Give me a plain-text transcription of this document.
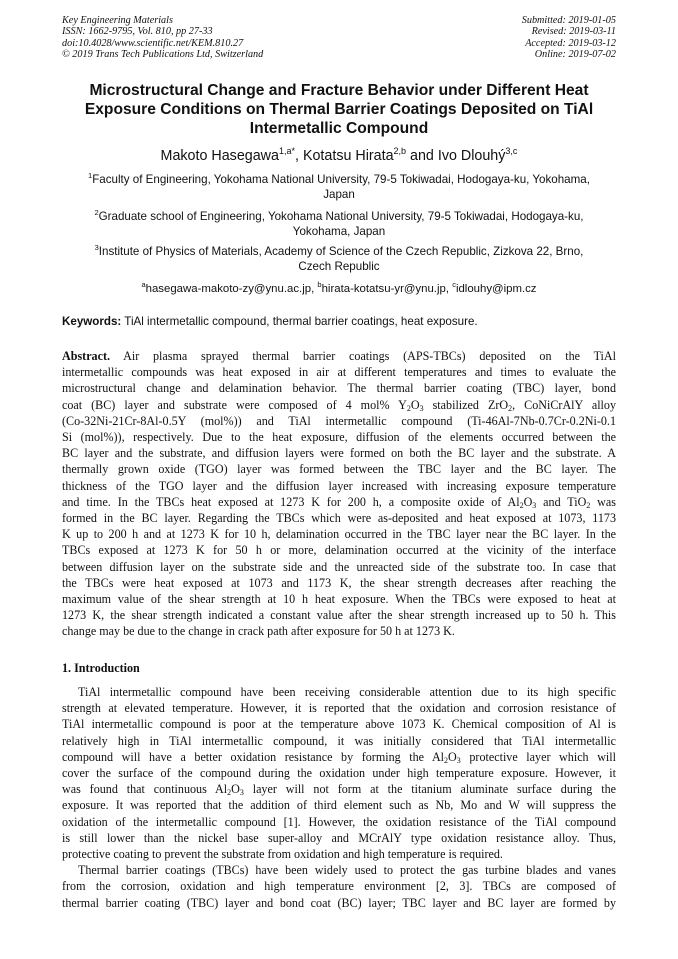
Key Engineering Materials
ISSN: 1662-9795, Vol. 810, pp 27-33
doi:10.4028/www.scientific.net/KEM.810.27
© 2019 Trans Tech Publications Ltd, Switzerland
Submitted: 2019-01-05
Revised: 2019-03-11
Accepted: 2019-03-12
Online: 2019-07-02
Microstructural Change and Fracture Behavior under Different Heat
Exposure Conditions on Thermal Barrier Coatings Deposited on TiAl
Intermetallic Compound
Makoto Hasegawa$^{1,a*}$, Kotatsu Hirata$^{2,b}$ and Ivo Dlouhý$^{3,c}$
$^1$Faculty of Engineering, Yokohama National University, 79-5 Tokiwadai, Hodogaya-ku, Yokohama,
Japan
$^2$Graduate school of Engineering, Yokohama National University, 79-5 Tokiwadai, Hodogaya-ku,
Yokohama, Japan
$^3$Institute of Physics of Materials, Academy of Science of the Czech Republic, Zizkova 22, Brno,
Czech Republic
$^a$hasegawa-makoto-zy@ynu.ac.jp, $^b$hirata-kotatsu-yr@ynu.jp, $^c$idlouhy@ipm.cz
Keywords: TiAl intermetallic compound, thermal barrier coatings, heat exposure.
Abstract. Air plasma sprayed thermal barrier coatings (APS-TBCs) deposited on the TiAl
intermetallic compounds was heat exposed in air at different temperatures and times to evaluate the
microstructural change and delamination behavior. The thermal barrier coating (TBC) layer, bond
coat (BC) layer and substrate were composed of 4 mol% $Y_2O_3$ stabilized ZrO$_2$, CoNiCrAlY alloy
(Co-32Ni-21Cr-8Al-0.5Y (mol%)) and TiAl intermetallic compound (Ti-46Al-7Nb-0.7Cr-0.2Ni-0.1
Si (mol%)), respectively. Due to the heat exposure, diffusion of the elements occurred between the
BC layer and the substrate, and diffusion layers were formed on both the BC layer and the substrate. A
thermally grown oxide (TGO) layer was formed between the TBC layer and the BC layer. The
thickness of the TGO layer and the diffusion layer increased with increasing exposure temperature
and time. In the TBCs heat exposed at 1273 K for 200 h, a composite oxide of $Al_2O_3$ and TiO$_2$ was
formed in the BC layer. Regarding the TBCs which were as-deposited and heat exposed at 1073, 1173
K up to 200 h and at 1273 K for 10 h, delamination occurred in the TBC layer near the BC layer. In the
TBCs exposed at 1273 K for 50 h or more, delamination occurred at the vicinity of the interface
between diffusion layer on the substrate side and the unreacted side of the substrate too. In case that
the TBCs were heat exposed at 1073 and 1173 K, the shear strength decreases after reaching the
maximum value of the shear strength at 10 h heat exposure. When the TBCs were exposed to heat at
1273 K, the shear strength indicated a constant value after the shear strength increased up to 50 h. This
change may be due to the change in crack path after exposure for 50 h at 1273 K.
1. Introduction
TiAl intermetallic compound have been receiving considerable attention due to its high specific
strength at elevated temperature. However, it is reported that the oxidation and corrosion resistance of
TiAl intermetallic compound is poor at the temperature above 1073 K. Chemical composition of Al is
relatively high in TiAl intermetallic compound, it was initially considered that TiAl intermetallic
compound will have a better oxidation resistance by forming the $Al_2O_3$ protective layer which will
cover the surface of the compound during the oxidation under high temperature exposure. However, it
was found that continuous $Al_2O_3$ layer will not form at the titanium aluminate surface during the
exposure. It was reported that the addition of third element such as Nb, Mo and W will suppress the
oxidation of the intermetallic compound [1]. However, the oxidation resistance of the TiAl compound
is still lower than the nickel base super-alloy and MCrAlY type oxidation resistance alloy. Thus,
protective coating to prevent the substrate from oxidation and high temperature is required.
Thermal barrier coatings (TBCs) have been widely used to protect the gas turbine blades and vanes
from the corrosion, oxidation and high temperature environment [2, 3]. TBCs are composed of
thermal barrier coating (TBC) layer and bond coat (BC) layer; TBC layer and BC layer are formed by
